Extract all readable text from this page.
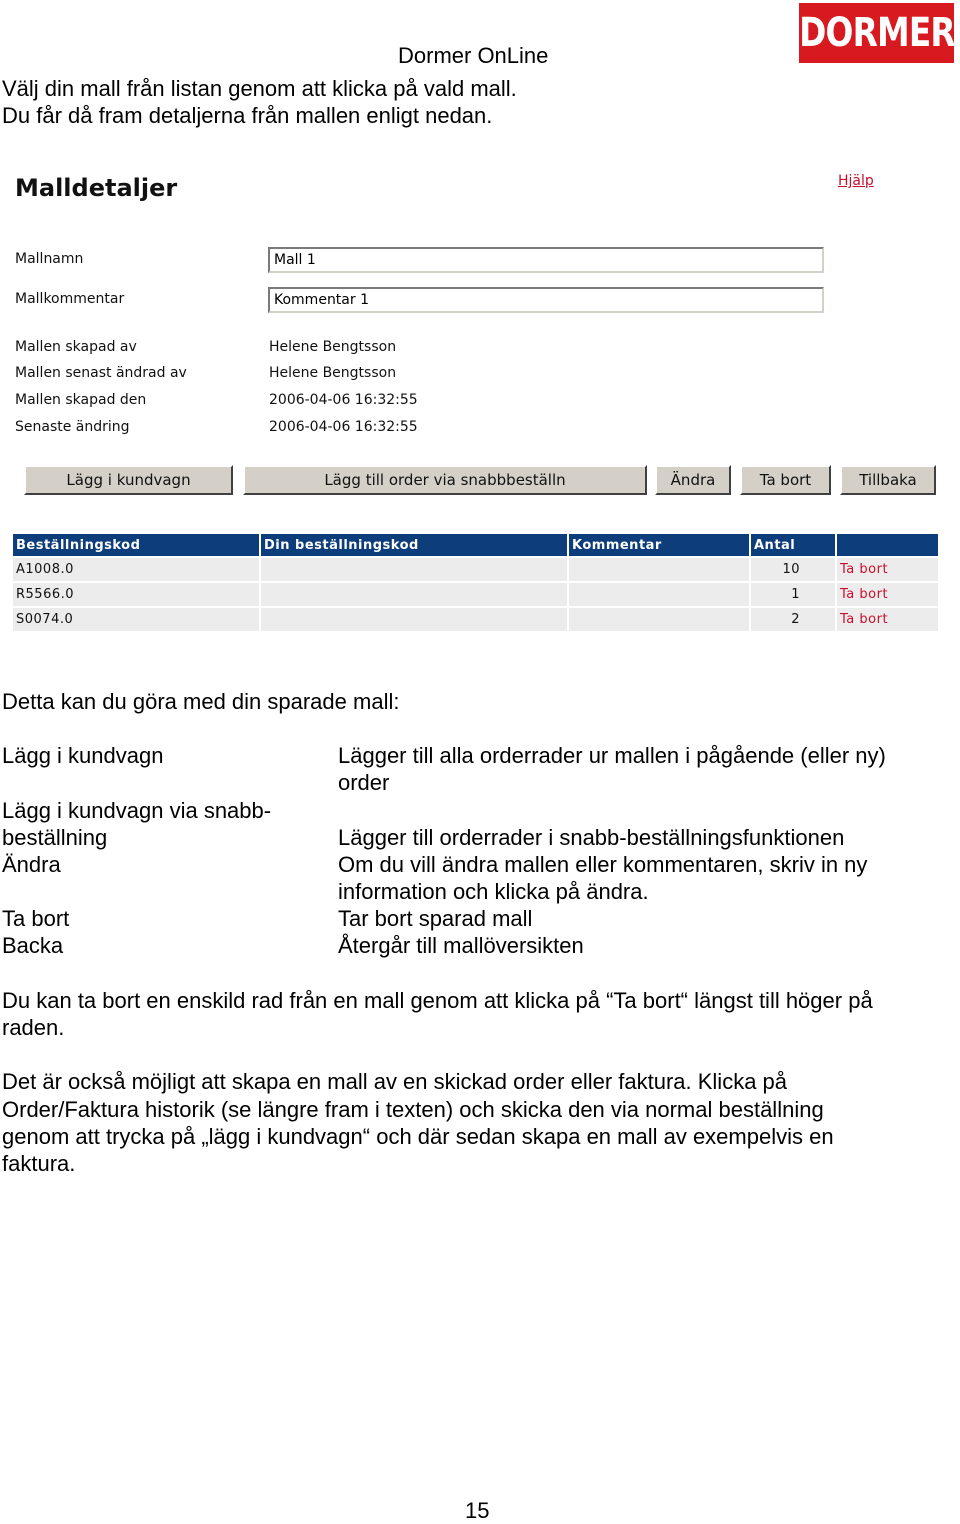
Dormer OnLine	DORMER
Välj din mall från listan genom att klicka på vald mall.
Du får då fram detaljerna från mallen enligt nedan.
Malldetaljer	Hjälp
Mallnamn
Mall 1
Mallkommentar
Kommentar 1
Mallen skapad av	Helene Bengtsson
Mallen senast ändrad av	Helene Bengtsson
Mallen skapad den	2006-04-06 16:32:55
Senaste ändring	2006-04-06 16:32:55
Lägg i kundvagn	Lägg till order via snabbbeställn	Ändra	Ta bort	Tillbaka
Beställningskod	Din beställningskod	Kommentar	Antal	
A1008.0			10	Ta bort
R5566.0			1	Ta bort
S0074.0			2	Ta bort
Detta kan du göra med din sparade mall:
Lägg i kundvagn	Lägger till alla orderrader ur mallen i pågående (eller ny)
order
Lägg i kundvagn via snabb-
beställning	Lägger till orderrader i snabb-beställningsfunktionen
Ändra	Om du vill ändra mallen eller kommentaren, skriv in ny
information och klicka på ändra.
Ta bort	Tar bort sparad mall
Backa	Återgår till mallöversikten
Du kan ta bort en enskild rad från en mall genom att klicka på “Ta bort“ längst till höger på
raden.
Det är också möjligt att skapa en mall av en skickad order eller faktura. Klicka på
Order/Faktura historik (se längre fram i texten) och skicka den via normal beställning
genom att trycka på „lägg i kundvagn“ och där sedan skapa en mall av exempelvis en
faktura.
15
